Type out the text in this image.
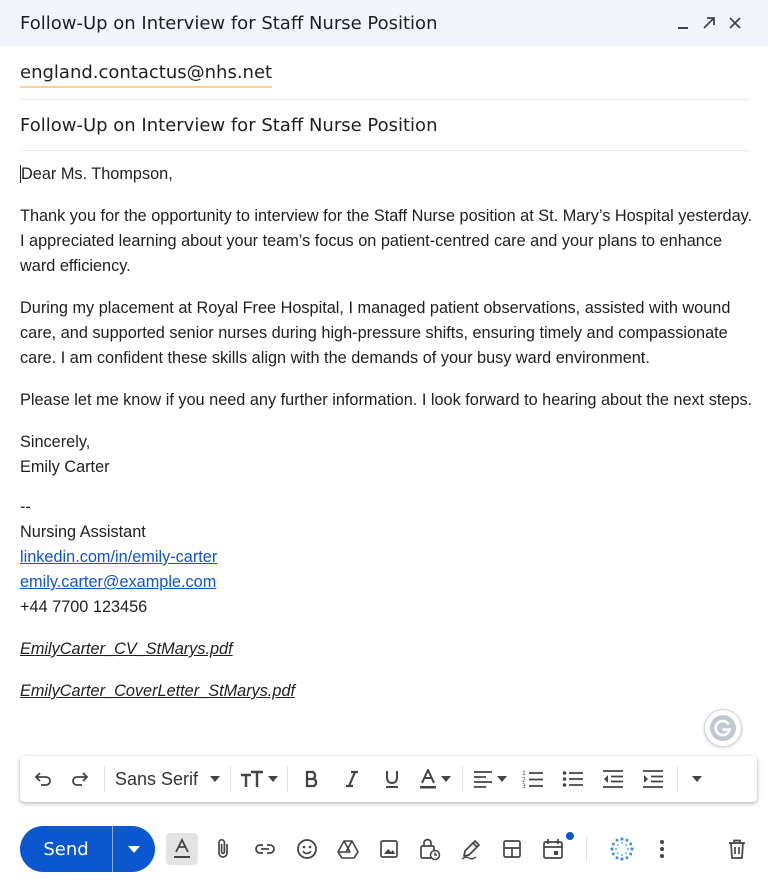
Follow-Up on Interview for Staff Nurse Position
england.contactus@nhs.net
Follow-Up on Interview for Staff Nurse Position

Dear Ms. Thompson,

Thank you for the opportunity to interview for the Staff Nurse position at St. Mary’s Hospital yesterday. I appreciated learning about your team’s focus on patient-centred care and your plans to enhance ward efficiency.

During my placement at Royal Free Hospital, I managed patient observations, assisted with wound care, and supported senior nurses during high-pressure shifts, ensuring timely and compassionate care. I am confident these skills align with the demands of your busy ward environment.

Please let me know if you need any further information. I look forward to hearing about the next steps.

Sincerely,
Emily Carter

--
Nursing Assistant
linkedin.com/in/emily-carter
emily.carter@example.com
+44 7700 123456
EmilyCarter_CV_StMarys.pdf
EmilyCarter_CoverLetter_StMarys.pdf
Sans Serif	1
2
3
Send
